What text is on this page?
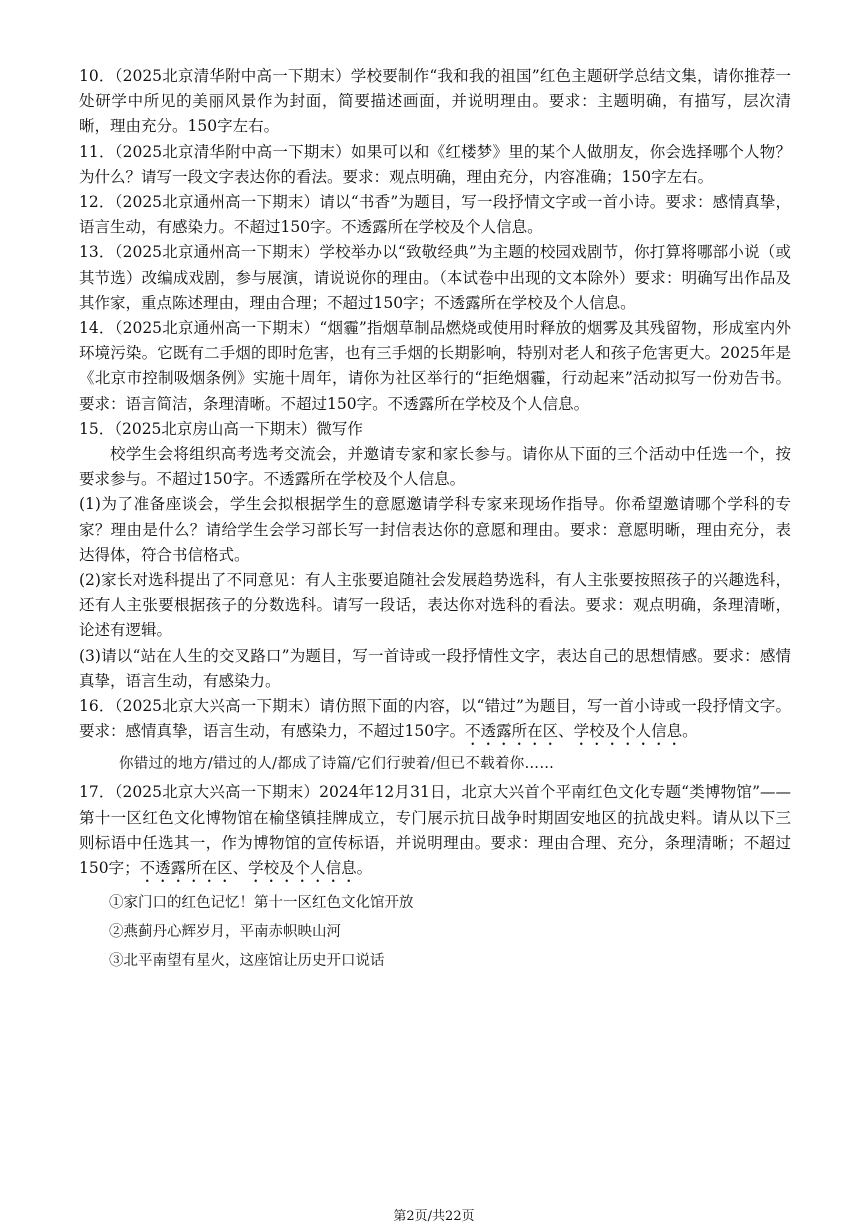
10．（2025北京清华附中高一下期末）学校要制作“我和我的祖国”红色主题研学总结文集，请你推荐一处研学中所见的美丽风景作为封面，简要描述画面，并说明理由。要求：主题明确，有描写，层次清晰，理由充分。150字左右。

11．（2025北京清华附中高一下期末）如果可以和《红楼梦》里的某个人做朋友，你会选择哪个人物？为什么？请写一段文字表达你的看法。要求：观点明确，理由充分，内容准确；150字左右。

12．（2025北京通州高一下期末）请以“书香”为题目，写一段抒情文字或一首小诗。要求：感情真挚，语言生动，有感染力。不超过150字。不透露所在学校及个人信息。

13．（2025北京通州高一下期末）学校举办以“致敬经典”为主题的校园戏剧节，你打算将哪部小说（或其节选）改编成戏剧，参与展演，请说说你的理由。（本试卷中出现的文本除外）要求：明确写出作品及其作家，重点陈述理由，理由合理；不超过150字；不透露所在学校及个人信息。

14．（2025北京通州高一下期末）“烟霾”指烟草制品燃烧或使用时释放的烟雾及其残留物，形成室内外环境污染。它既有二手烟的即时危害，也有三手烟的长期影响，特别对老人和孩子危害更大。2025年是《北京市控制吸烟条例》实施十周年，请你为社区举行的“拒绝烟霾，行动起来”活动拟写一份劝告书。要求：语言简洁，条理清晰。不超过150字。不透露所在学校及个人信息。

15．（2025北京房山高一下期末）微写作

校学生会将组织高考选考交流会，并邀请专家和家长参与。请你从下面的三个活动中任选一个，按要求参与。不超过150字。不透露所在学校及个人信息。

(1)为了准备座谈会，学生会拟根据学生的意愿邀请学科专家来现场作指导。你希望邀请哪个学科的专家？理由是什么？请给学生会学习部长写一封信表达你的意愿和理由。要求：意愿明晰，理由充分，表达得体，符合书信格式。

(2)家长对选科提出了不同意见：有人主张要追随社会发展趋势选科，有人主张要按照孩子的兴趣选科，还有人主张要根据孩子的分数选科。请写一段话，表达你对选科的看法。要求：观点明确，条理清晰，论述有逻辑。

(3)请以“站在人生的交叉路口”为题目，写一首诗或一段抒情性文字，表达自己的思想情感。要求：感情真挚，语言生动，有感染力。

16．（2025北京大兴高一下期末）请仿照下面的内容，以“错过”为题目，写一首小诗或一段抒情文字。要求：感情真挚，语言生动，有感染力，不超过150字。不透露所在区、学校及个人信息。

你错过的地方/错过的人/都成了诗篇/它们行驶着/但已不载着你……

17．（2025北京大兴高一下期末）2024年12月31日，北京大兴首个平南红色文化专题“类博物馆”——第十一区红色文化博物馆在榆垡镇挂牌成立，专门展示抗日战争时期固安地区的抗战史料。请从以下三则标语中任选其一，作为博物馆的宣传标语，并说明理由。要求：理由合理、充分，条理清晰；不超过150字；不透露所在区、学校及个人信息。

①家门口的红色记忆！第十一区红色文化馆开放
②燕蓟丹心辉岁月，平南赤帜映山河
③北平南望有星火，这座馆让历史开口说话
第2页/共22页
